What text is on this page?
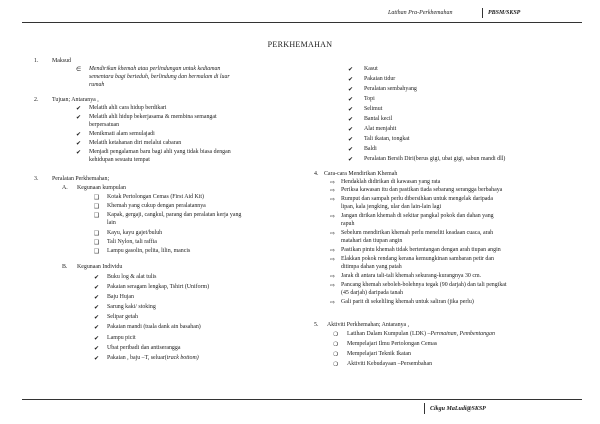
Latihan Pra-Perkhemahan	PBSM/SKSP
PERKHEMAHAN
1. Maksud
∈ Mendirikan khemah atau perlindungan untuk kediaman
sementara bagi berteduh, berlindung dan bermalam di luar
rumah
2. Tujuan; Antaranya ,
✔ Melatih ahli cara hidup berdikari
✔ Melatih ahli hidup bekerjasama & membina semangat
berpersatuan
✔ Menikmati alam semulajadi
✔ Melatih ketahanan diri melalui cabaran
✔ Menjadi pengalaman baru bagi ahli yang tidak biasa dengan
kehidupan sesuatu tempat
3. Peralatan Perkhemahan;
A. Kegunaan kumpulan
❑ Kotak Pertolongan Cemas (First Aid Kit)
❑ Khemah yang cukup dengan peralatannya
❑ Kapak, gergaji, cangkul, parang dan peralatan kerja yang
lain
❑ Kayu, kayu gajet/buluh
❑ Tali Nylon, tali raffia
❑ Lampu gasolin, pelita, lilin, mancis
B. Kegunaan Individu
✔ Buku log & alat tulis
✔ Pakaian seragam lengkap, Tshirt (Uniform)
✔ Baju Hujan
✔ Sarung kaki/ stoking
✔ Selipar getah
✔ Pakaian mandi (tuala dank ain basahan)
✔ Lampu picit
✔ Ubat peribadi dan antiserangga
✔ Pakaian , baju –T, seluar(track bottom)
✔ Kasut
✔ Pakaian tidur
✔ Peralatan sembahyang
✔ Topi
✔ Selimut
✔ Bantal kecil
✔ Alat menjahit
✔ Tali ikatan, tongkat
✔ Baldi
✔ Peralatan Bersih Diri(berus gigi, ubat gigi, sabun mandi dll)
4. Cara-cara Mendirikan Khemah
⇨ Hendaklah didirikan di kawasan yang rata
⇨ Periksa kawasan itu dan pastikan tiada sebarang serangga berbahaya
⇨ Rumput dan sampah perlu dibersihkan untuk mengelak daripada
lipan, kala jengking, ular dan lain-lain lagi
⇨ Jangan dirikan khemah di sekitar pangkal pokok dan dahan yang
rapuh
⇨ Sebelum mendirikan khemah perlu meneliti keadaan cuaca, arah
matahari dan tiupan angin
⇨ Pastikan pintu khemah tidak bertentangan dengan arah tiupan angin
⇨ Elakkan pokok rendang kerana kemungkinan sambaran petir dan
ditimpa dahan yang patah
⇨ Jarak di antara tali-tali khemah sekurang-kurangnya 30 cm.
⇨ Pancang khemah seboleh-bolehnya tegak (90 darjah) dan tali pengikat
(45 darjah) daripada tanah
⇨ Gali parit di sekeliling khemah untuk saliran (jika perlu)
5. Aktiviti Perkhemahan; Antaranya ,
❍ Latihan Dalam Kumpulan (LDK) –Permainan, Pembentangan
❍ Mempelajari Ilmu Pertolongan Cemas
❍ Mempelajari Teknik Ikatan
❍ Aktiviti Kebudayaan –Persembahan
Cikgu MaLudi@SKSP
